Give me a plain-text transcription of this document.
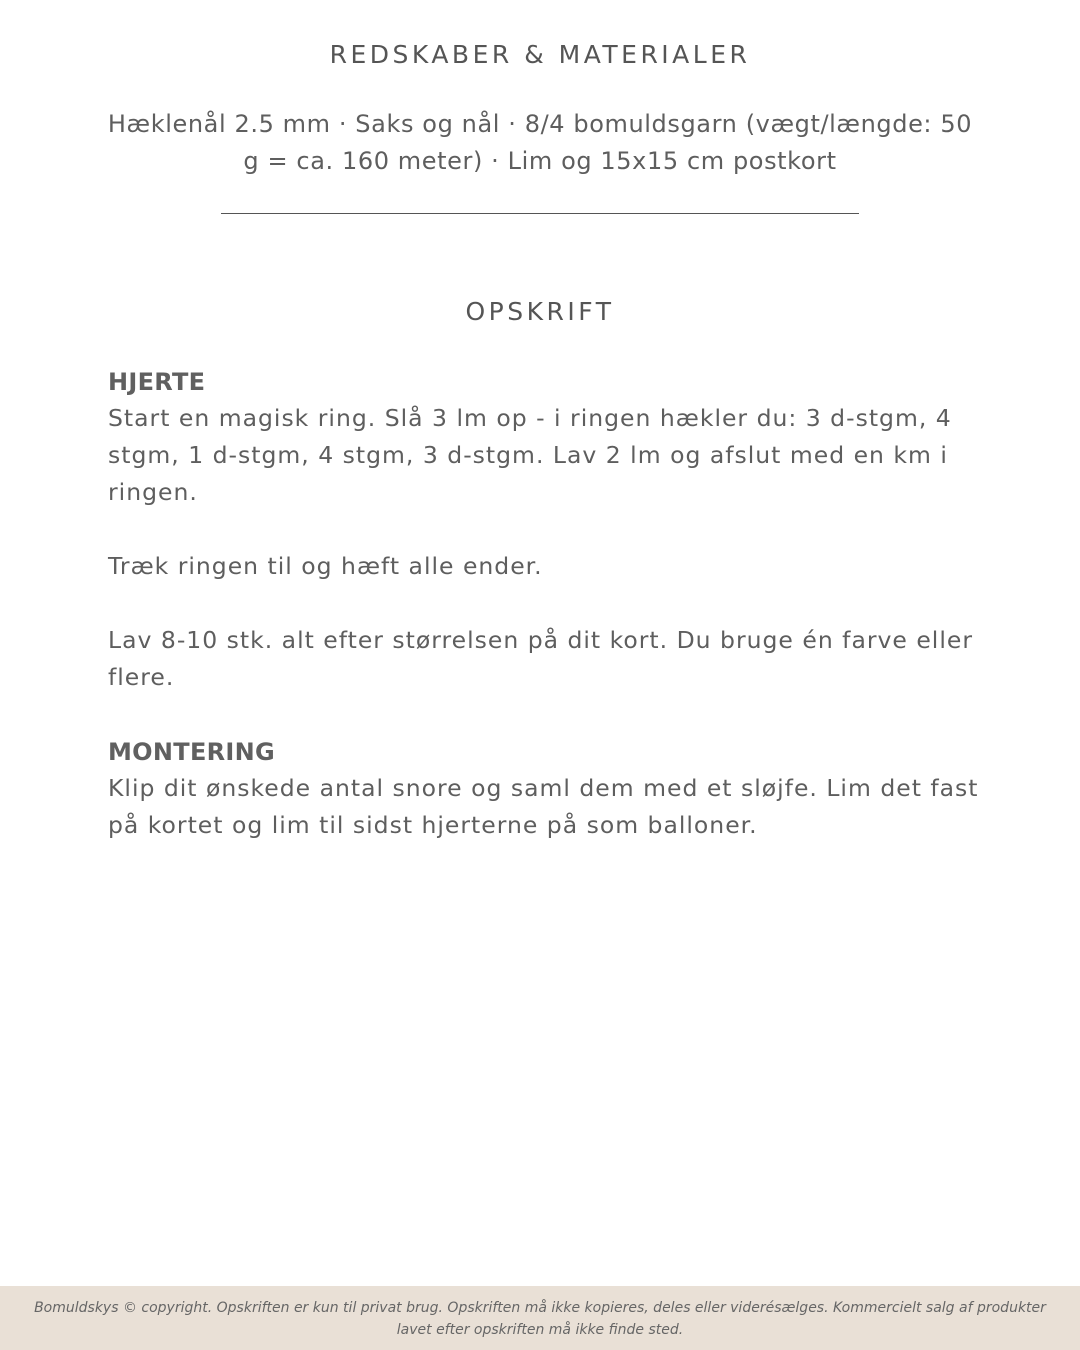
REDSKABER & MATERIALER

Hæklenål 2.5 mm · Saks og nål · 8/4 bomuldsgarn (vægt/længde: 50 g = ca. 160 meter) · Lim og 15x15 cm postkort

OPSKRIFT
HJERTE

Start en magisk ring. Slå 3 lm op - i ringen hækler du: 3 d-stgm, 4 stgm, 1 d-stgm, 4 stgm, 3 d-stgm. Lav 2 lm og afslut med en km i ringen.

Træk ringen til og hæft alle ender.

Lav 8-10 stk. alt efter størrelsen på dit kort. Du bruge én farve eller flere.

MONTERING

Klip dit ønskede antal snore og saml dem med et sløjfe. Lim det fast på kortet og lim til sidst hjerterne på som balloner.

Bomuldskys © copyright. Opskriften er kun til privat brug. Opskriften må ikke kopieres, deles eller viderésælges. Kommercielt salg af produkter lavet efter opskriften må ikke finde sted.
